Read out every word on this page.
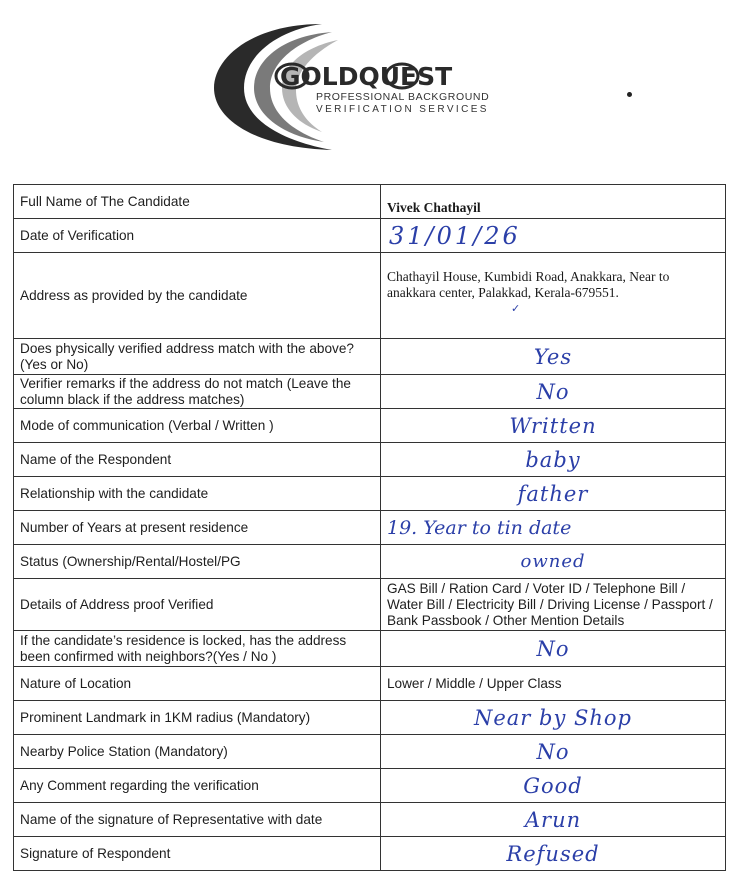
GOLDQUEST
PROFESSIONAL BACKGROUND
VERIFICATION SERVICES
Full Name of The Candidate	Vivek Chathayil
Date of Verification	31/01/26

Address as provided by the candidate	Chathayil House, Kumbidi Road, Anakkara, Near to anakkara center, Palakkad, Kerala-679551.
✓

Does physically verified address match with the above? (Yes or No)	Yes

Verifier remarks if the address do not match (Leave the column black if the address matches)	No

Mode of communication (Verbal / Written )	Written

Name of the Respondent	baby

Relationship with the candidate	father

Number of Years at present residence	19. Year to tin date

Status (Ownership/Rental/Hostel/PG	owned

Details of Address proof Verified	GAS Bill / Ration Card / Voter ID / Telephone Bill / Water Bill / Electricity Bill / Driving License / Passport / Bank Passbook / Other Mention Details
If the candidate’s residence is locked, has the address been confirmed with neighbors?(Yes / No )	No

Nature of Location	Lower / Middle / Upper Class
Prominent Landmark in 1KM radius (Mandatory)	Near by Shop

Nearby Police Station (Mandatory)	No

Any Comment regarding the verification	Good

Name of the signature of Representative with date	Arun

Signature of Respondent	Refused
